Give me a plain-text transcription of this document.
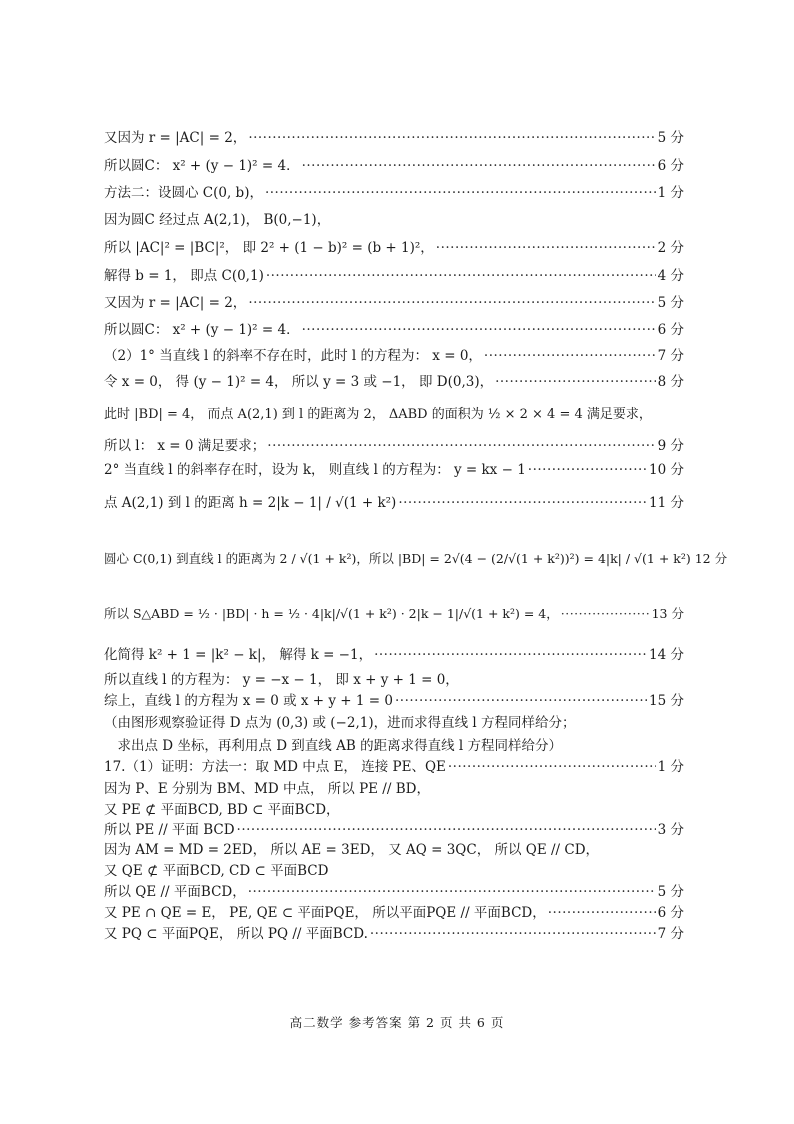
又因为 r = |AC| = 2， ·····	5 分
所以圆C： x² + (y − 1)² = 4． ·····	6 分
方法二：设圆心 C(0, b)， ·····	1 分
因为圆C 经过点 A(2,1)， B(0,−1)，
所以 |AC|² = |BC|²， 即 2² + (1 − b)² = (b + 1)²， ·····	2 分
解得 b = 1， 即点 C(0,1) ·····	4 分
又因为 r = |AC| = 2， ·····	5 分
所以圆C： x² + (y − 1)² = 4． ·····	6 分
（2）1° 当直线 l 的斜率不存在时，此时 l 的方程为： x = 0， ·····	7 分
令 x = 0， 得 (y − 1)² = 4， 所以 y = 3 或 −1， 即 D(0,3)， ·····	8 分
此时 |BD| = 4， 而点 A(2,1) 到 l 的距离为 2， ΔABD 的面积为 ½ × 2 × 4 = 4 满足要求，
所以 l： x = 0 满足要求； ·····	9 分
2° 当直线 l 的斜率存在时，设为 k， 则直线 l 的方程为： y = kx − 1 ·····	10 分
点 A(2,1) 到 l 的距离 h = 2|k − 1| / √(1 + k²) ·····	11 分
圆心 C(0,1) 到直线 l 的距离为 2 / √(1 + k²)，所以 |BD| = 2√(4 − (2/√(1 + k²))²) = 4|k| / √(1 + k²) 12 分
所以 S△ABD = ½ · |BD| · h = ½ · 4|k|/√(1 + k²) · 2|k − 1|/√(1 + k²) = 4， ·····	13 分
化简得 k² + 1 = |k² − k|， 解得 k = −1， ·····	14 分
所以直线 l 的方程为： y = −x − 1， 即 x + y + 1 = 0，
综上，直线 l 的方程为 x = 0 或 x + y + 1 = 0 ·····	15 分
（由图形观察验证得 D 点为 (0,3) 或 (−2,1)，进而求得直线 l 方程同样给分；
　求出点 D 坐标，再利用点 D 到直线 AB 的距离求得直线 l 方程同样给分）
17.（1）证明：方法一：取 MD 中点 E， 连接 PE、QE ·····	1 分
因为 P、E 分别为 BM、MD 中点， 所以 PE // BD，
又 PE ⊄ 平面BCD, BD ⊂ 平面BCD，
所以 PE // 平面 BCD ·····	3 分
因为 AM = MD = 2ED， 所以 AE = 3ED， 又 AQ = 3QC， 所以 QE // CD，
又 QE ⊄ 平面BCD, CD ⊂ 平面BCD
所以 QE // 平面BCD， ·····	5 分
又 PE ∩ QE = E， PE, QE ⊂ 平面PQE， 所以平面PQE // 平面BCD， ·····	6 分
又 PQ ⊂ 平面PQE， 所以 PQ // 平面BCD. ·····	7 分
高二数学 参考答案 第 2 页 共 6 页
